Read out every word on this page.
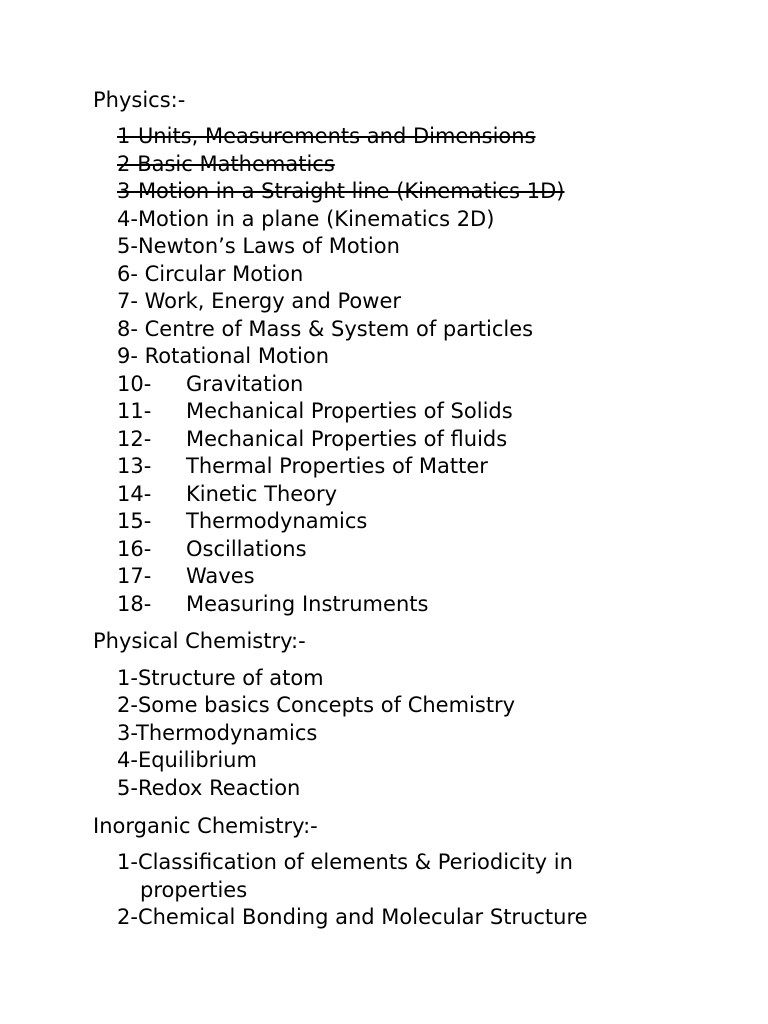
Physics:-
1-Units, Measurements and Dimensions
2-Basic Mathematics
3-Motion in a Straight line (Kinematics 1D)
4-Motion in a plane (Kinematics 2D)
5-Newton’s Laws of Motion
6- Circular Motion
7- Work, Energy and Power
8- Centre of Mass & System of particles
9- Rotational Motion
10- Gravitation
11- Mechanical Properties of Solids
12- Mechanical Properties of fluids
13- Thermal Properties of Matter
14- Kinetic Theory
15- Thermodynamics
16- Oscillations
17- Waves
18- Measuring Instruments
Physical Chemistry:-
1-Structure of atom
2-Some basics Concepts of Chemistry
3-Thermodynamics
4-Equilibrium
5-Redox Reaction
Inorganic Chemistry:-
1-Classification of elements & Periodicity in properties
2-Chemical Bonding and Molecular Structure
